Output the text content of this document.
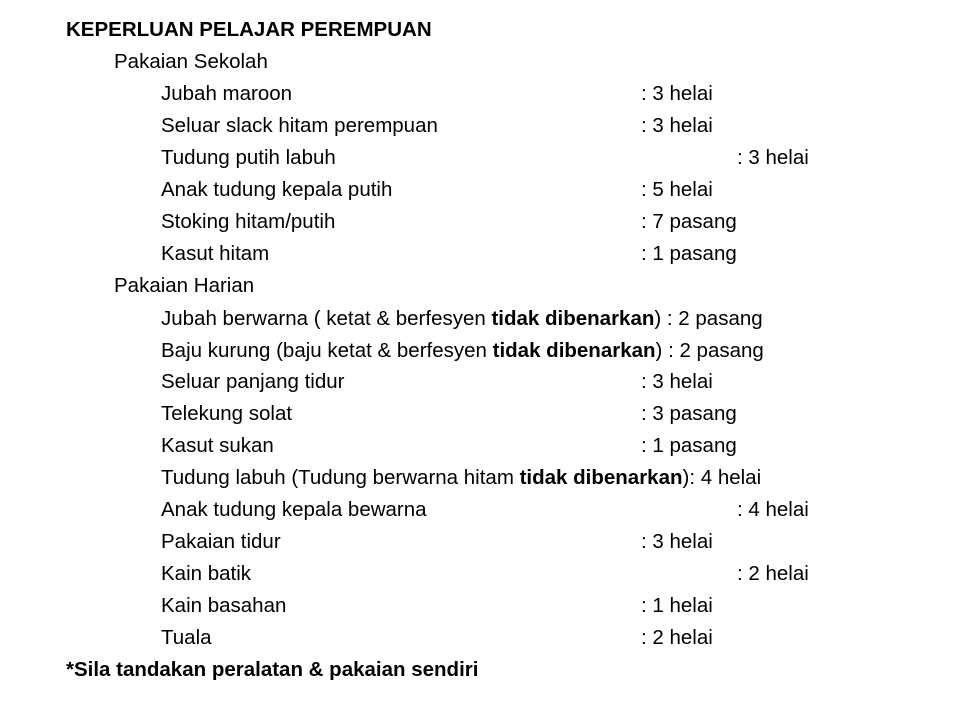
KEPERLUAN PELAJAR PEREMPUAN
Pakaian Sekolah
Jubah maroon	: 3 helai
Seluar slack hitam perempuan	: 3 helai
Tudung putih labuh	: 3 helai
Anak tudung kepala putih	: 5 helai
Stoking hitam/putih	: 7 pasang
Kasut hitam	: 1 pasang
Pakaian Harian
Jubah berwarna ( ketat & berfesyen tidak dibenarkan) : 2 pasang
Baju kurung (baju ketat & berfesyen tidak dibenarkan) : 2 pasang
Seluar panjang tidur	: 3 helai
Telekung solat	: 3 pasang
Kasut sukan	: 1 pasang
Tudung labuh (Tudung berwarna hitam tidak dibenarkan): 4 helai
Anak tudung kepala bewarna	: 4 helai
Pakaian tidur	: 3 helai
Kain batik	: 2 helai
Kain basahan	: 1 helai
Tuala	: 2 helai
*Sila tandakan peralatan & pakaian sendiri
